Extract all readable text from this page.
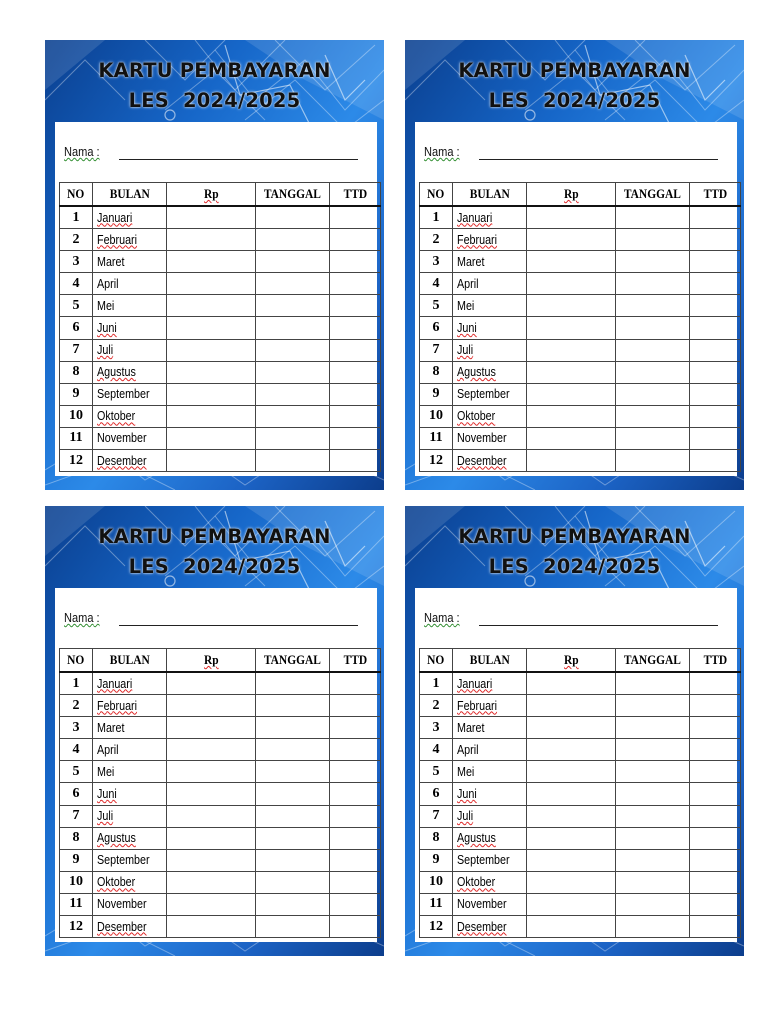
KARTU PEMBAYARAN
LES  2024/2025
Nama :
NO	BULAN	Rp	TANGGAL	TTD
1	Januari			
2	Februari			
3	Maret			
4	April			
5	Mei			
6	Juni			
7	Juli			
8	Agustus			
9	September			
10	Oktober			
11	November			
12	Desember			
KARTU PEMBAYARAN
LES  2024/2025
Nama :
NO	BULAN	Rp	TANGGAL	TTD
1	Januari			
2	Februari			
3	Maret			
4	April			
5	Mei			
6	Juni			
7	Juli			
8	Agustus			
9	September			
10	Oktober			
11	November			
12	Desember			
KARTU PEMBAYARAN
LES  2024/2025
Nama :
NO	BULAN	Rp	TANGGAL	TTD
1	Januari			
2	Februari			
3	Maret			
4	April			
5	Mei			
6	Juni			
7	Juli			
8	Agustus			
9	September			
10	Oktober			
11	November			
12	Desember			
KARTU PEMBAYARAN
LES  2024/2025
Nama :
NO	BULAN	Rp	TANGGAL	TTD
1	Januari			
2	Februari			
3	Maret			
4	April			
5	Mei			
6	Juni			
7	Juli			
8	Agustus			
9	September			
10	Oktober			
11	November			
12	Desember			
